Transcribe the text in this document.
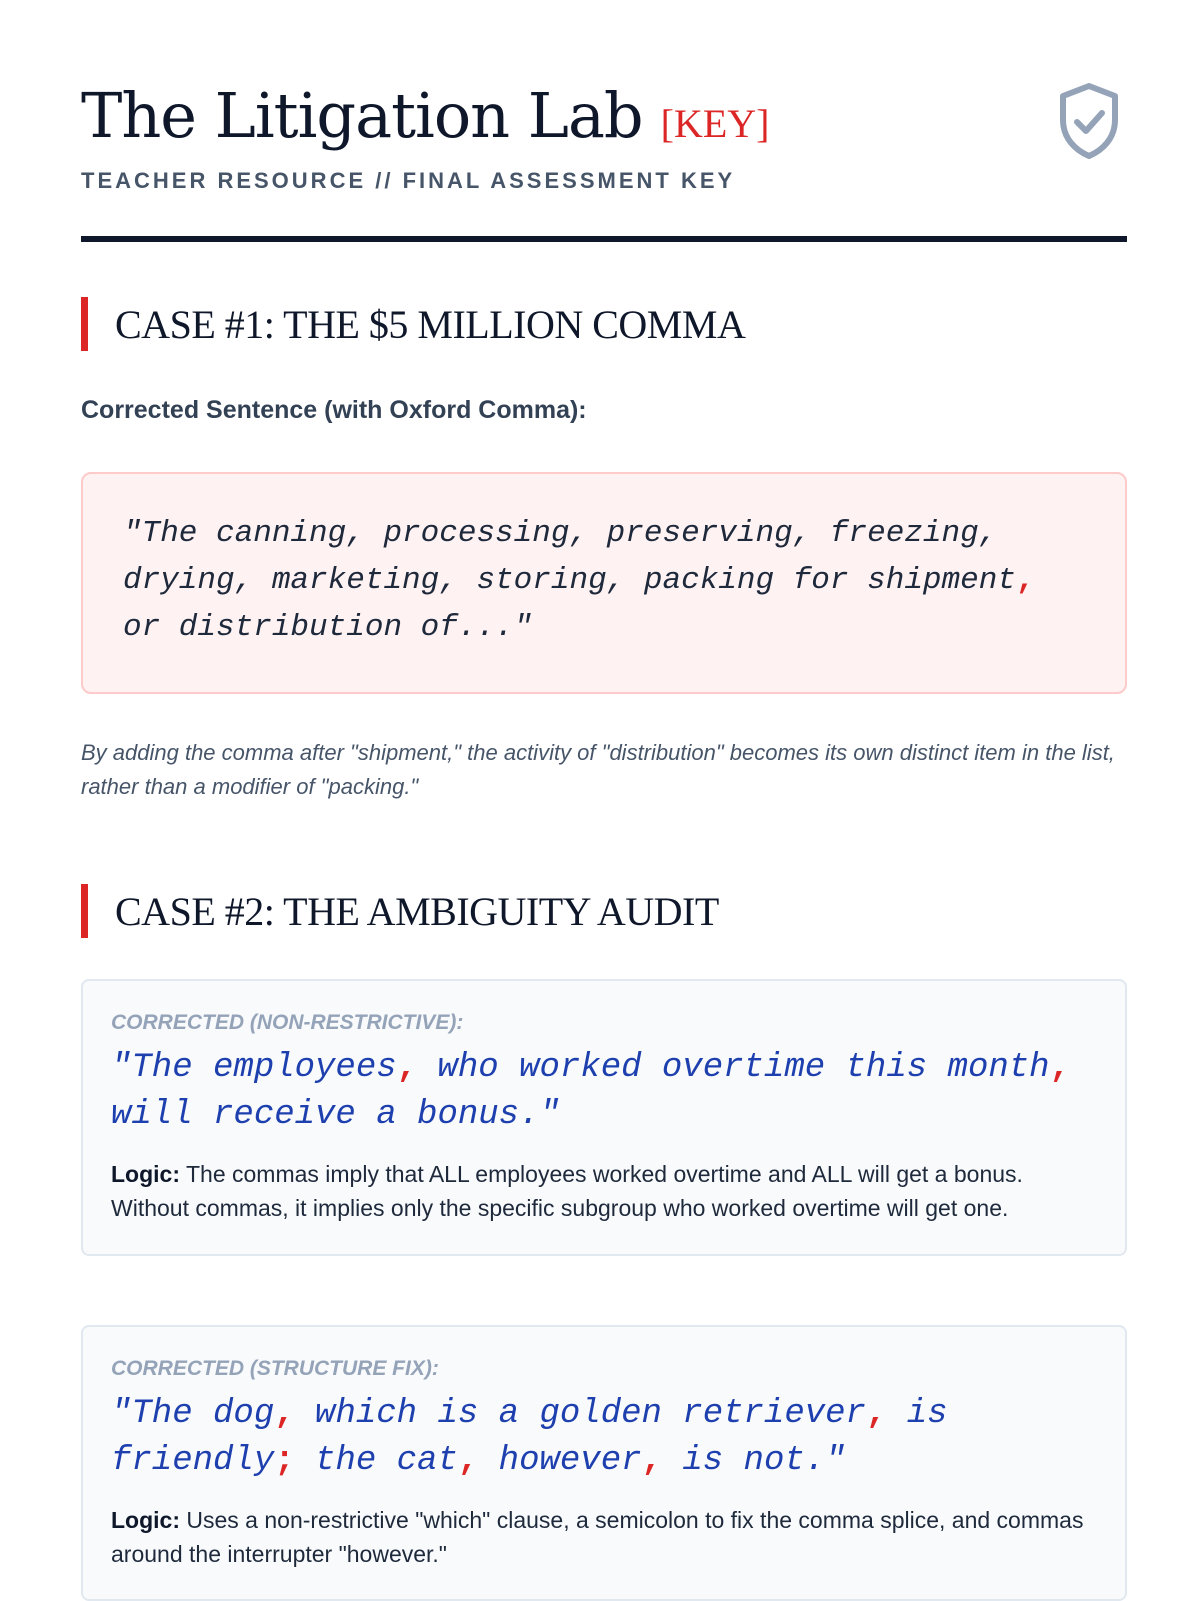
The Litigation Lab [KEY]
TEACHER RESOURCE // FINAL ASSESSMENT KEY
CASE #1: THE $5 MILLION COMMA
Corrected Sentence (with Oxford Comma):
"The canning, processing, preserving, freezing, drying, marketing, storing, packing for shipment, or distribution of..."
By adding the comma after "shipment," the activity of "distribution" becomes its own distinct item in the list, rather than a modifier of "packing."
CASE #2: THE AMBIGUITY AUDIT
CORRECTED (NON-RESTRICTIVE):
"The employees, who worked overtime this month, will receive a bonus."
Logic: The commas imply that ALL employees worked overtime and ALL will get a bonus. Without commas, it implies only the specific subgroup who worked overtime will get one.
CORRECTED (STRUCTURE FIX):
"The dog, which is a golden retriever, is friendly; the cat, however, is not."
Logic: Uses a non-restrictive "which" clause, a semicolon to fix the comma splice, and commas around the interrupter "however."
